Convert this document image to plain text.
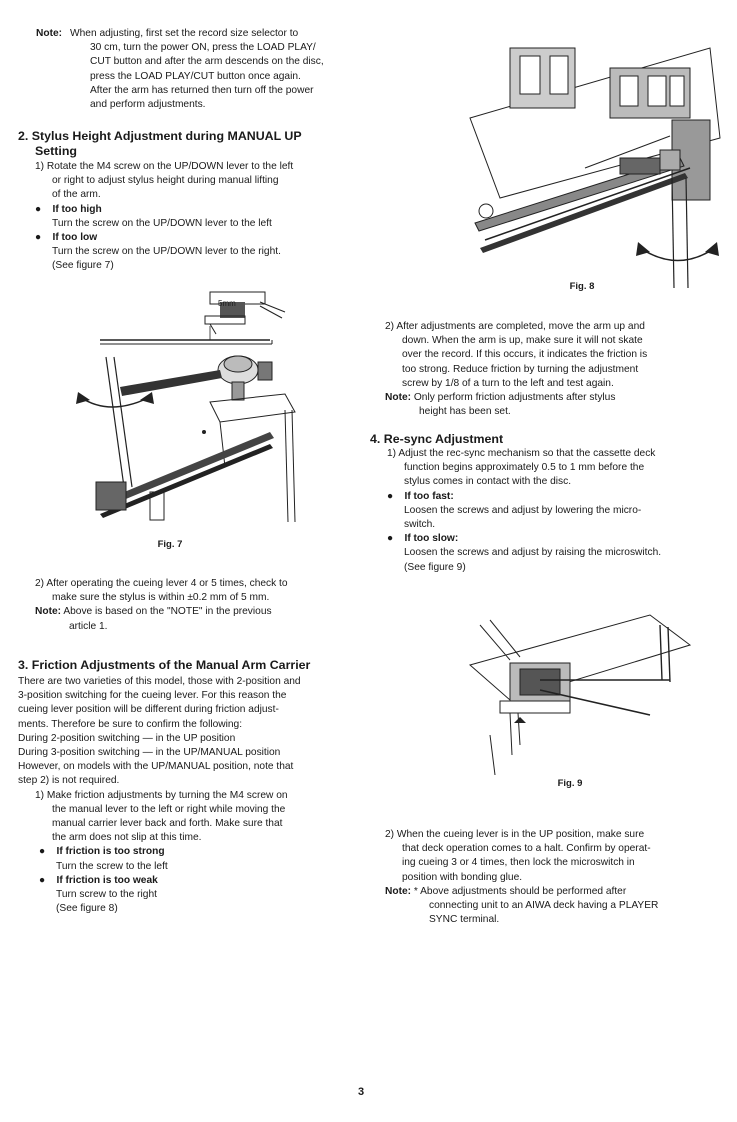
Note: When adjusting, first set the record size selector to

30 cm, turn the power ON, press the LOAD PLAY/

CUT button and after the arm descends on the disc,

press the LOAD PLAY/CUT button once again.

After the arm has returned then turn off the power

and perform adjustments.

2. Stylus Height Adjustment during MANUAL UP

Setting

1) Rotate the M4 screw on the UP/DOWN lever to the left

or right to adjust stylus height during manual lifting

of the arm.

● If too high

Turn the screw on the UP/DOWN lever to the left

● If too low

Turn the screw on the UP/DOWN lever to the right.

(See figure 7)

5mm

Fig. 7

2) After operating the cueing lever 4 or 5 times, check to

make sure the stylus is within ±0.2 mm of 5 mm.

Note: Above is based on the "NOTE" in the previous

article 1.

3. Friction Adjustments of the Manual Arm Carrier

There are two varieties of this model, those with 2-position and

3-position switching for the cueing lever. For this reason the

cueing lever position will be different during friction adjust-

ments. Therefore be sure to confirm the following:

During 2-position switching — in the UP position

During 3-position switching — in the UP/MANUAL position

However, on models with the UP/MANUAL position, note that

step 2) is not required.

1) Make friction adjustments by turning the M4 screw on

the manual lever to the left or right while moving the

manual carrier lever back and forth. Make sure that

the arm does not slip at this time.

● If friction is too strong

Turn the screw to the left

● If friction is too weak

Turn screw to the right

(See figure 8)

Fig. 8

2) After adjustments are completed, move the arm up and

down. When the arm is up, make sure it will not skate

over the record. If this occurs, it indicates the friction is

too strong. Reduce friction by turning the adjustment

screw by 1/8 of a turn to the left and test again.

Note: Only perform friction adjustments after stylus

height has been set.

4. Re-sync Adjustment

1) Adjust the rec-sync mechanism so that the cassette deck

function begins approximately 0.5 to 1 mm before the

stylus comes in contact with the disc.

● If too fast:

Loosen the screws and adjust by lowering the micro-

switch.

● If too slow:

Loosen the screws and adjust by raising the microswitch.

(See figure 9)

Fig. 9

2) When the cueing lever is in the UP position, make sure

that deck operation comes to a halt. Confirm by operat-

ing cueing 3 or 4 times, then lock the microswitch in

position with bonding glue.

Note: * Above adjustments should be performed after

connecting unit to an AIWA deck having a PLAYER

SYNC terminal.

3
